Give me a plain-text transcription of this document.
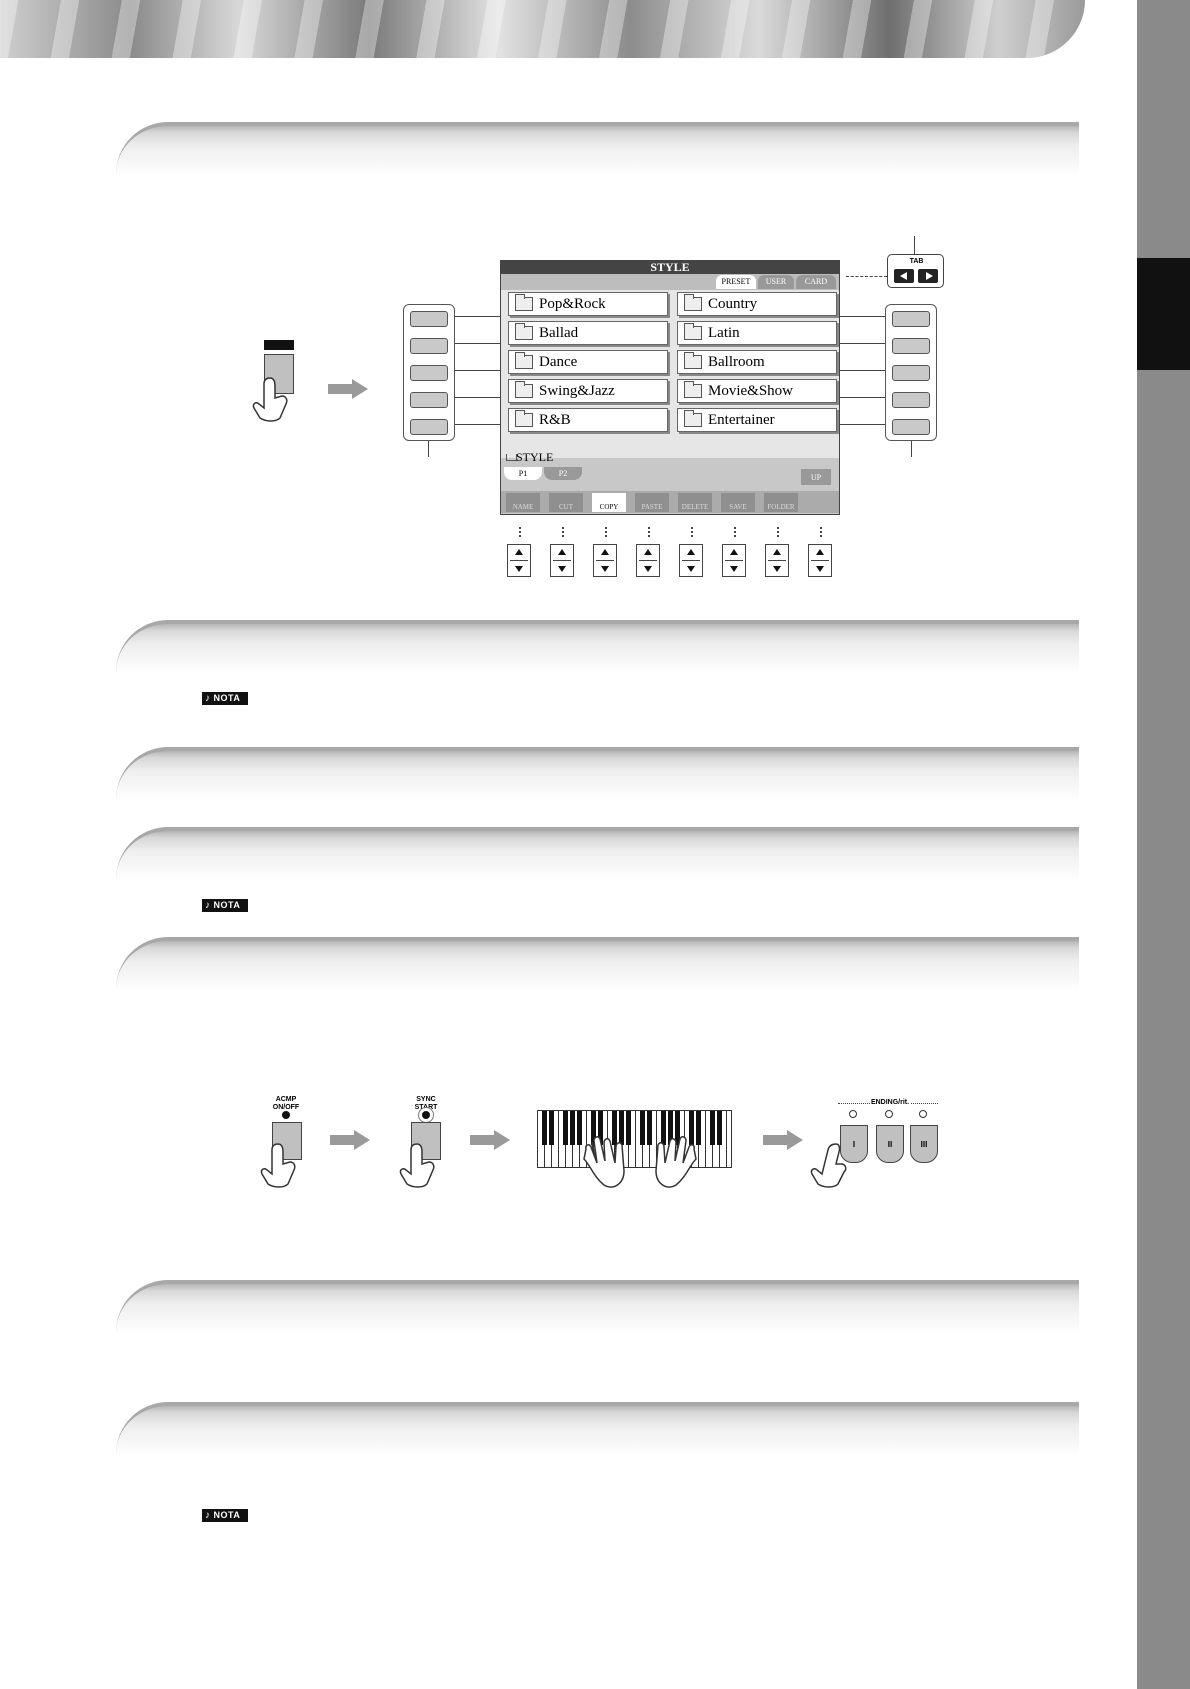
♪ NOTA
♪ NOTA
♪ NOTA
TAB
STYLE
PRESET	USER	CARD
Pop&Rock
Ballad
Dance
Swing&Jazz
R&B
Country
Latin
Ballroom
Movie&Show
Entertainer
STYLE
P1	P2	UP
NAME	CUT	COPY	PASTE	DELETE	SAVE	FOLDER
ACMP
ON/OFF
SYNC
START
ENDING/rit.
I	II	III
